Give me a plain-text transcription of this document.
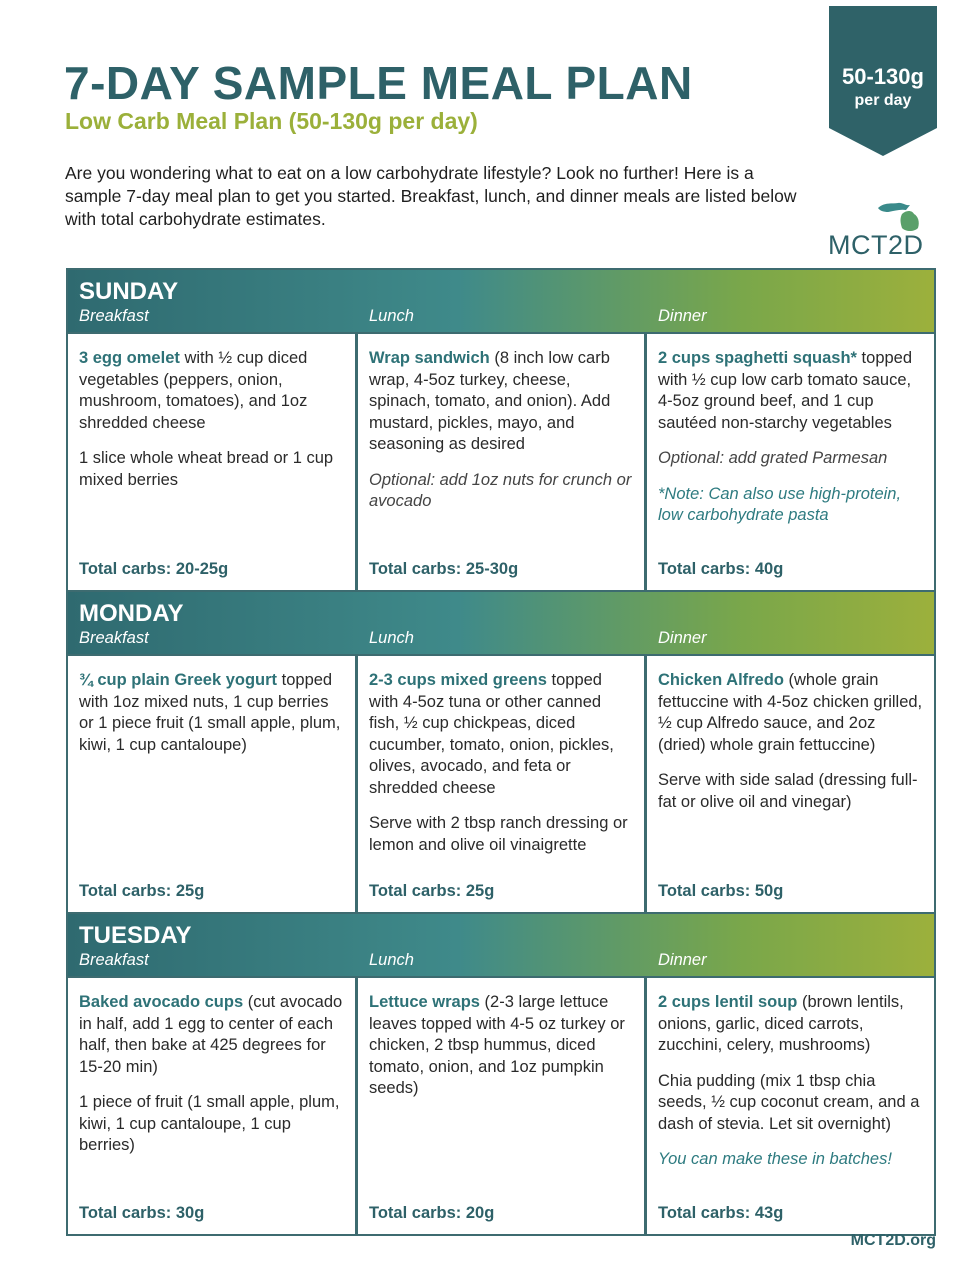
7-DAY SAMPLE MEAL PLAN
Low Carb Meal Plan (50-130g per day)
50-130g
per day

Are you wondering what to eat on a low carbohydrate lifestyle? Look no further! Here is a sample 7-day meal plan to get you started. Breakfast, lunch, and dinner meals are listed below with total carbohydrate estimates.

MCT2D
SUNDAY
Breakfast	Lunch	Dinner

3 egg omelet with ½ cup diced vegetables (peppers, onion, mushroom, tomatoes), and 1oz shredded cheese

1 slice whole wheat bread or 1 cup mixed berries

Total carbs: 20-25g

Wrap sandwich (8 inch low carb wrap, 4-5oz turkey, cheese, spinach, tomato, and onion). Add mustard, pickles, mayo, and seasoning as desired

Optional: add 1oz nuts for crunch or avocado

Total carbs: 25-30g

2 cups spaghetti squash* topped with ½ cup low carb tomato sauce, 4-5oz ground beef, and 1 cup sautéed non-starchy vegetables

Optional: add grated Parmesan

*Note: Can also use high-protein, low carbohydrate pasta

Total carbs: 40g
MONDAY
Breakfast	Lunch	Dinner

¾ cup plain Greek yogurt topped with 1oz mixed nuts, 1 cup berries or 1 piece fruit (1 small apple, plum, kiwi, 1 cup cantaloupe)

Total carbs: 25g

2-3 cups mixed greens topped with 4-5oz tuna or other canned fish, ½ cup chickpeas, diced cucumber, tomato, onion, pickles, olives, avocado, and feta or shredded cheese

Serve with 2 tbsp ranch dressing or lemon and olive oil vinaigrette

Total carbs: 25g

Chicken Alfredo (whole grain fettuccine with 4-5oz chicken grilled, ½ cup Alfredo sauce, and 2oz (dried) whole grain fettuccine)

Serve with side salad (dressing full-fat or olive oil and vinegar)

Total carbs: 50g
TUESDAY
Breakfast	Lunch	Dinner

Baked avocado cups (cut avocado in half, add 1 egg to center of each half, then bake at 425 degrees for 15-20 min)

1 piece of fruit (1 small apple, plum, kiwi, 1 cup cantaloupe, 1 cup berries)

Total carbs: 30g

Lettuce wraps (2-3 large lettuce leaves topped with 4-5 oz turkey or chicken, 2 tbsp hummus, diced tomato, onion, and 1oz pumpkin seeds)

Total carbs: 20g

2 cups lentil soup (brown lentils, onions, garlic, diced carrots, zucchini, celery, mushrooms)

Chia pudding (mix 1 tbsp chia seeds, ½ cup coconut cream, and a dash of stevia. Let sit overnight)

You can make these in batches!

Total carbs: 43g
MCT2D.org
